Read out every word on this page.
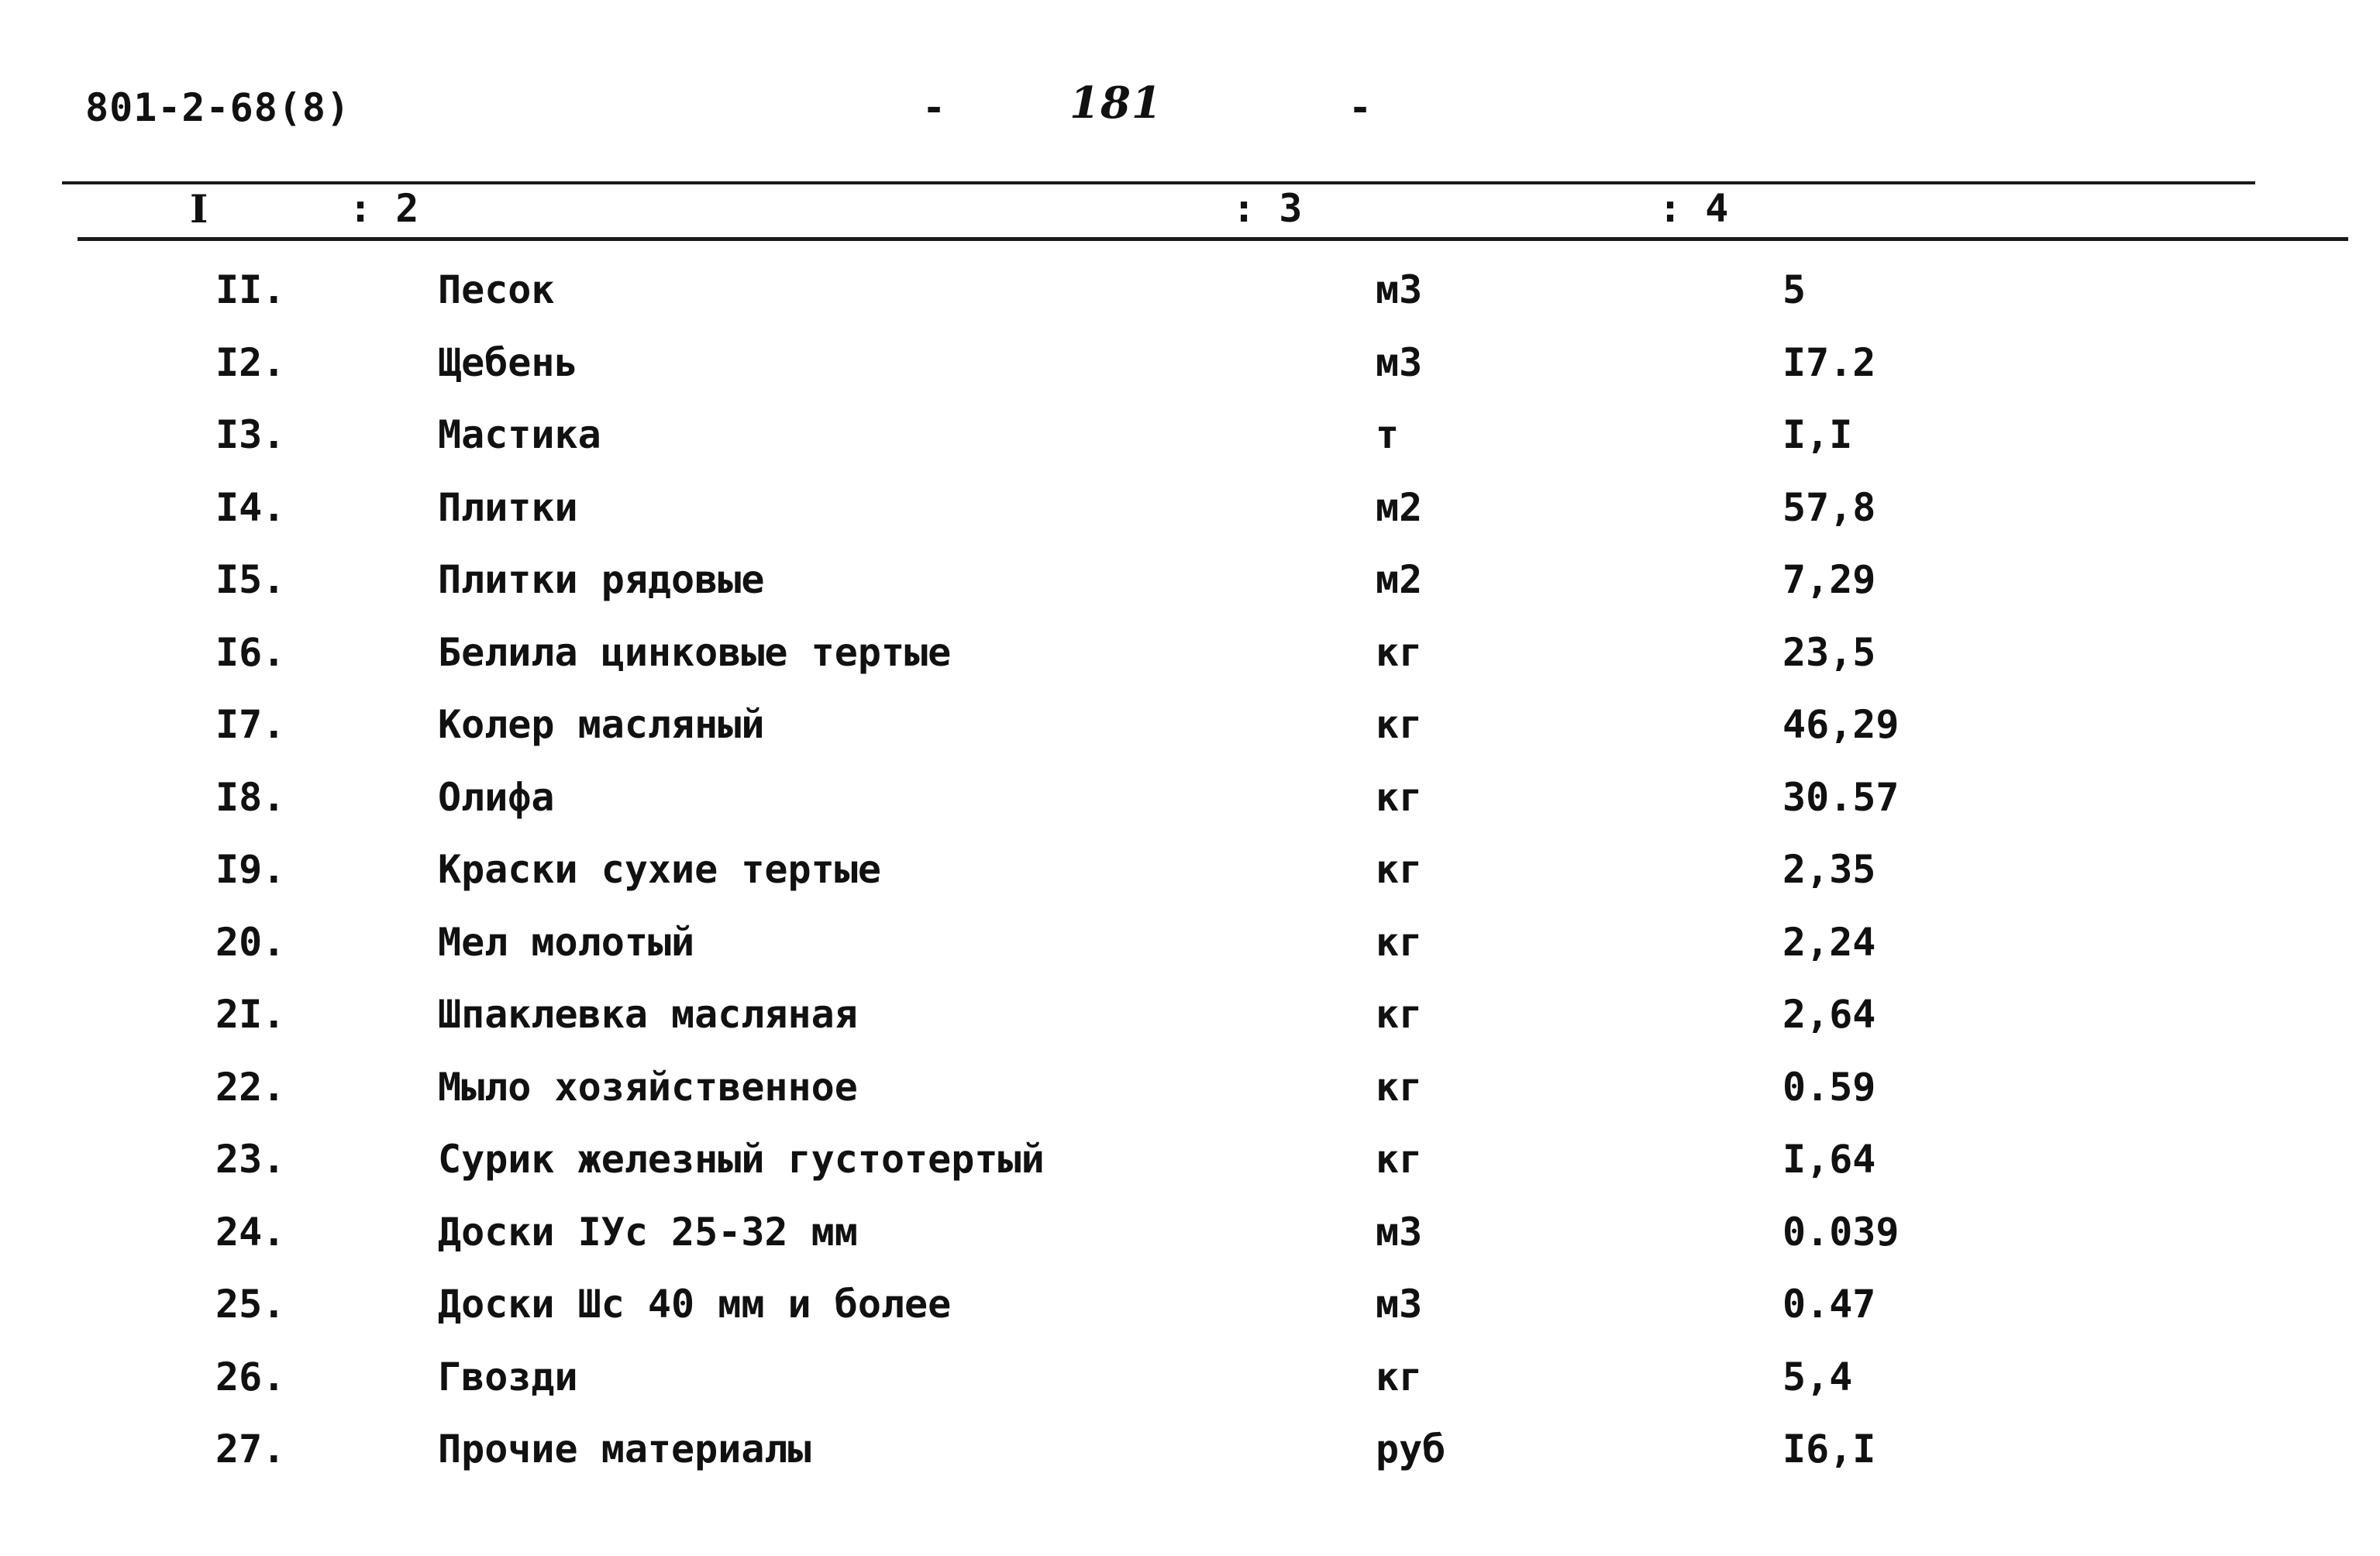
801-2-68(8)	-	181	-
I	: 2	: 3	: 4
II.	Песок	м3	5
I2.	Щебень	м3	I7.2
I3.	Мастика	т	I,I
I4.	Плитки	м2	57,8
I5.	Плитки рядовые	м2	7,29
I6.	Белила цинковые тертые	кг	23,5
I7.	Колер масляный	кг	46,29
I8.	Олифа	кг	30.57
I9.	Краски сухие тертые	кг	2,35
20.	Мел молотый	кг	2,24
2I.	Шпаклевка масляная	кг	2,64
22.	Мыло хозяйственное	кг	0.59
23.	Сурик железный густотертый	кг	I,64
24.	Доски IУс 25-32 мм	м3	0.039
25.	Доски Шс 40 мм и более	м3	0.47
26.	Гвозди	кг	5,4
27.	Прочие материалы	руб	I6,I
